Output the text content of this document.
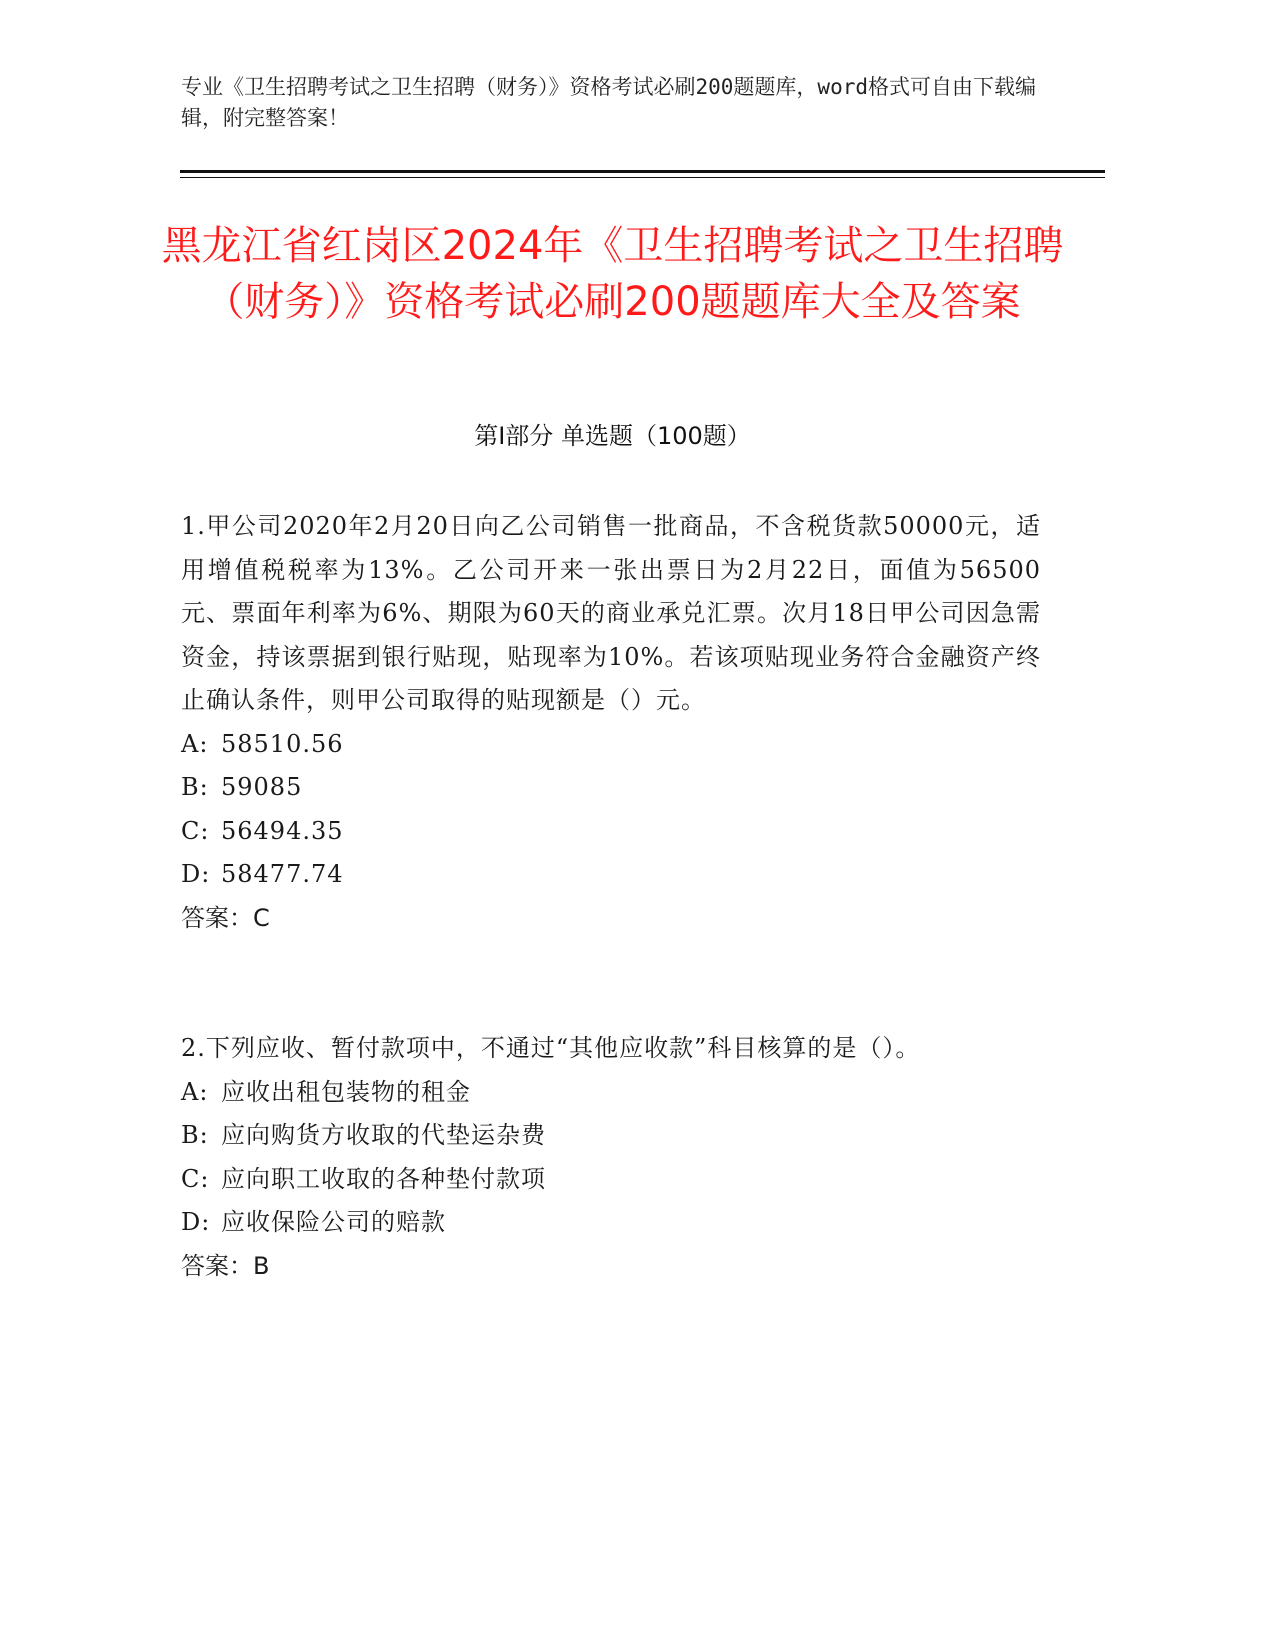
专业《卫生招聘考试之卫生招聘（财务）》资格考试必刷200题题库，word格式可自由下载编辑，附完整答案！
黑龙江省红岗区2024年《卫生招聘考试之卫生招聘（财务）》资格考试必刷200题题库大全及答案
第Ⅰ部分 单选题（100题）

1.甲公司2020年2月20日向乙公司销售一批商品，不含税货款50000元，适用增值税税率为13%。乙公司开来一张出票日为2月22日，面值为56500元、票面年利率为6%、期限为60天的商业承兑汇票。次月18日甲公司因急需资金，持该票据到银行贴现，贴现率为10%。若该项贴现业务符合金融资产终止确认条件，则甲公司取得的贴现额是（）元。

A: 58510.56
B: 59085
C: 56494.35
D: 58477.74
答案：C

2.下列应收、暂付款项中，不通过“其他应收款”科目核算的是（）。

A: 应收出租包装物的租金
B: 应向购货方收取的代垫运杂费
C: 应向职工收取的各种垫付款项
D: 应收保险公司的赔款
答案：B
